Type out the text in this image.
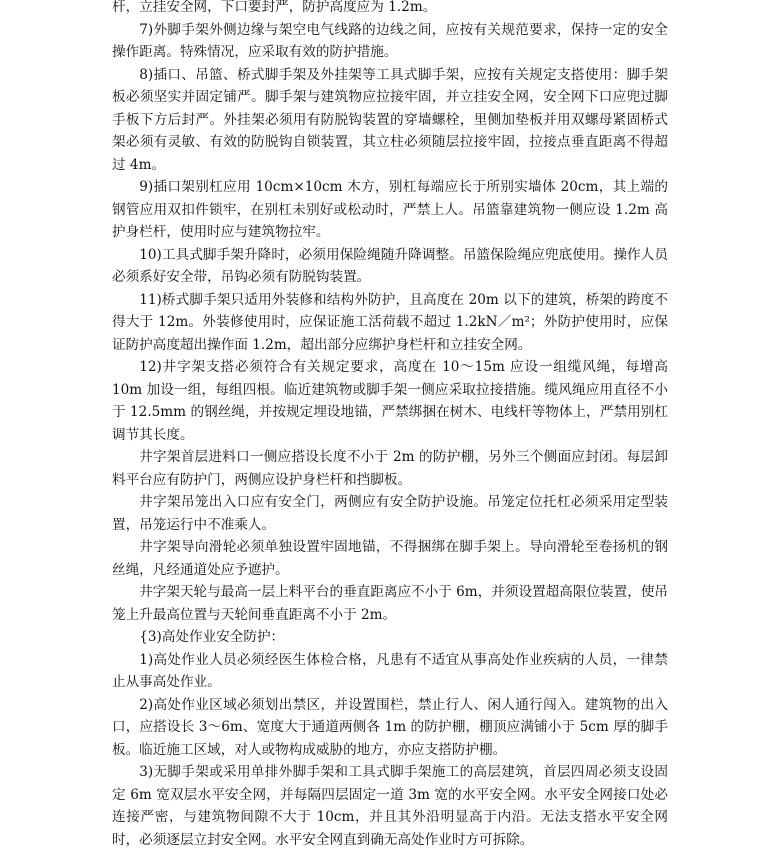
杆，立挂安全网，下口要封严，防护高度应为 1.2m。

7)外脚手架外侧边缘与架空电气线路的边线之间，应按有关规范要求，保持一定的安全操作距离。特殊情况，应采取有效的防护措施。

8)插口、吊篮、桥式脚手架及外挂架等工具式脚手架，应按有关规定支搭使用：脚手架板必须坚实并固定铺严。脚手架与建筑物应拉接牢固，并立挂安全网，安全网下口应兜过脚手板下方后封严。外挂架必须用有防脱钩装置的穿墙螺栓，里侧加垫板并用双螺母紧固桥式架必须有灵敏、有效的防脱钩自锁装置，其立柱必须随层拉接牢固，拉接点垂直距离不得超过 4m。

9)插口架别杠应用 10cm×10cm 木方，别杠每端应长于所别实墙体 20cm，其上端的钢管应用双扣件锁牢，在别杠未别好或松动时，严禁上人。吊篮靠建筑物一侧应设 1.2m 高护身栏杆，使用时应与建筑物拉牢。

10)工具式脚手架升降时，必须用保险绳随升降调整。吊篮保险绳应兜底使用。操作人员必须系好安全带，吊钩必须有防脱钩装置。

11)桥式脚手架只适用外装修和结构外防护，且高度在 20m 以下的建筑，桥架的跨度不得大于 12m。外装修使用时，应保证施工活荷载不超过 1.2kN／m²；外防护使用时，应保证防护高度超出操作面 1.2m，超出部分应绑护身栏杆和立挂安全网。

12)井字架支搭必须符合有关规定要求，高度在 10～15m 应设一组缆风绳，每增高 10m 加设一组，每组四根。临近建筑物或脚手架一侧应采取拉接措施。缆风绳应用直径不小于 12.5mm 的钢丝绳，并按规定埋设地锚，严禁绑捆在树木、电线杆等物体上，严禁用别杠调节其长度。

井字架首层进料口一侧应搭设长度不小于 2m 的防护棚，另外三个侧面应封闭。每层卸料平台应有防护门，两侧应设护身栏杆和挡脚板。

井字架吊笼出入口应有安全门，两侧应有安全防护设施。吊笼定位托杠必须采用定型装置，吊笼运行中不准乘人。

井字架导向滑轮必须单独设置牢固地锚，不得捆绑在脚手架上。导向滑轮至卷扬机的钢丝绳，凡经通道处应予遮护。

井字架天轮与最高一层上料平台的垂直距离应不小于 6m，并须设置超高限位装置，使吊笼上升最高位置与天轮间垂直距离不小于 2m。

{3)高处作业安全防护：

1)高处作业人员必须经医生体检合格，凡患有不适宜从事高处作业疾病的人员，一律禁止从事高处作业。

2)高处作业区域必须划出禁区，并设置围栏，禁止行人、闲人通行闯入。建筑物的出入口，应搭设长 3～6m、宽度大于通道两侧各 1m 的防护棚，棚顶应满铺小于 5cm 厚的脚手板。临近施工区域，对人或物构成威胁的地方，亦应支搭防护棚。

3)无脚手架或采用单排外脚手架和工具式脚手架施工的高层建筑，首层四周必须支设固定 6m 宽双层水平安全网，并每隔四层固定一道 3m 宽的水平安全网。水平安全网接口处必连接严密，与建筑物间隙不大于 10cm，并且其外沿明显高于内沿。无法支搭水平安全网时，必须逐层立封安全网。水平安全网直到确无高处作业时方可拆除。
